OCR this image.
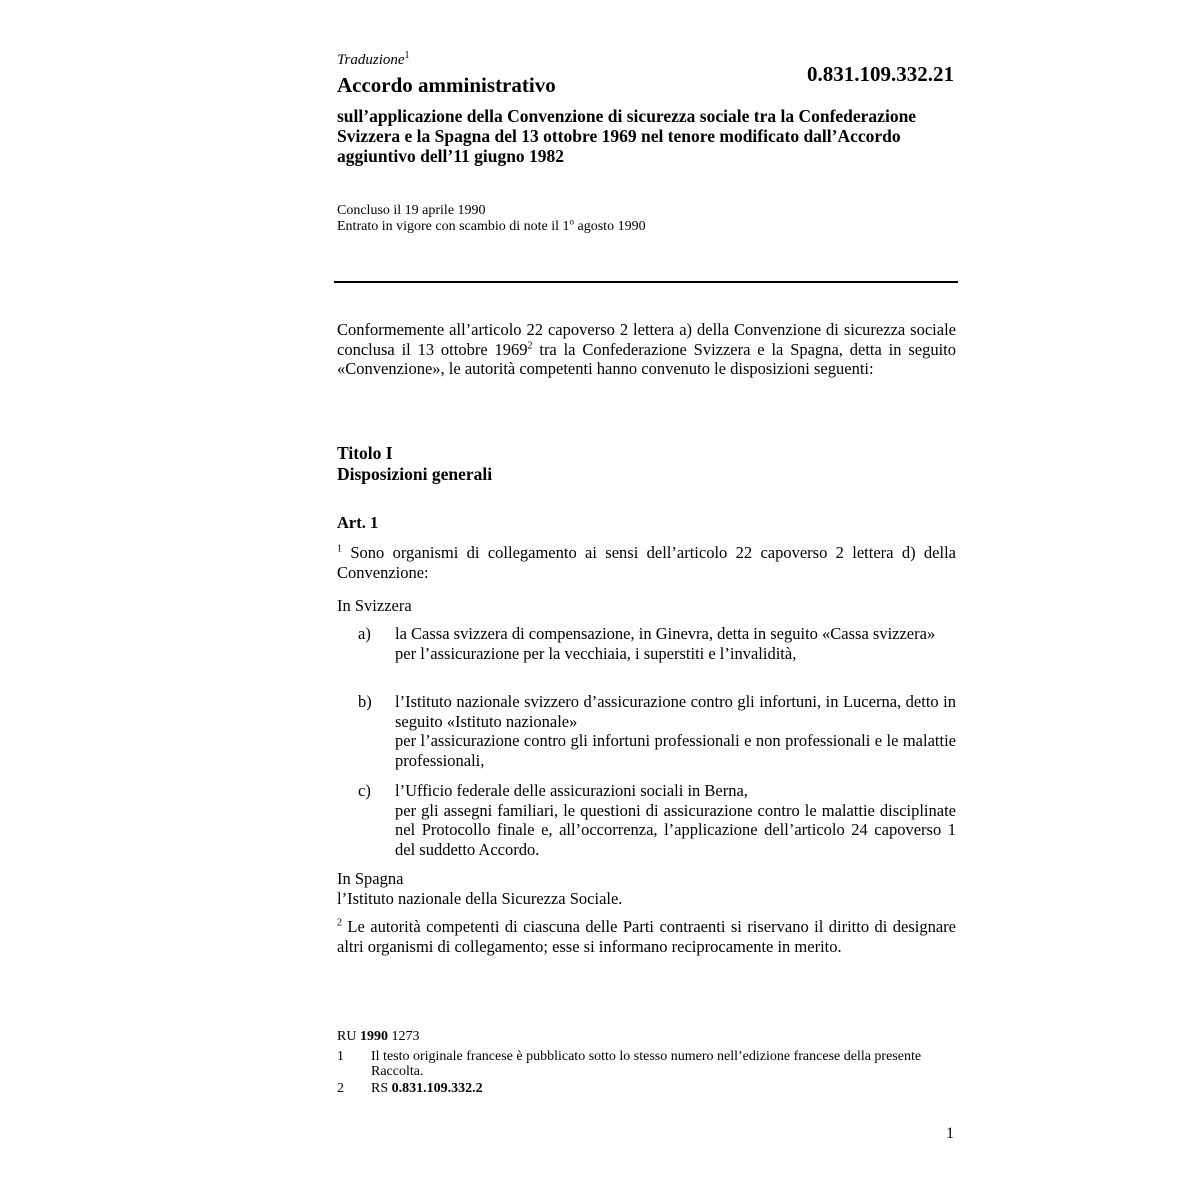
Traduzione$^1$
Accordo amministrativo	0.831.109.332.21
sull’applicazione della Convenzione di sicurezza sociale tra la Confederazione Svizzera e la Spagna del 13 ottobre 1969 nel tenore modificato dall’Accordo aggiuntivo dell’11 giugno 1982
Concluso il 19 aprile 1990
Entrato in vigore con scambio di note il 1$^o$ agosto 1990
Conformemente all’articolo 22 capoverso 2 lettera a) della Convenzione di sicurezza sociale conclusa il 13 ottobre 1969$^2$ tra la Confederazione Svizzera e la Spagna, detta in seguito «Convenzione», le autorità competenti hanno convenuto le disposizioni seguenti:
Titolo I
Disposizioni generali
Art. 1
$^1$ Sono organismi di collegamento ai sensi dell’articolo 22 capoverso 2 lettera d) della Convenzione:
In Svizzera
a) la Cassa svizzera di compensazione, in Ginevra, detta in seguito «Cassa svizzera»
per l’assicurazione per la vecchiaia, i superstiti e l’invalidità,
b) l’Istituto nazionale svizzero d’assicurazione contro gli infortuni, in Lucerna, detto in seguito «Istituto nazionale»
per l’assicurazione contro gli infortuni professionali e non professionali e le malattie professionali,
c) l’Ufficio federale delle assicurazioni sociali in Berna,
per gli assegni familiari, le questioni di assicurazione contro le malattie disciplinate nel Protocollo finale e, all’occorrenza, l’applicazione dell’articolo 24 capoverso 1 del suddetto Accordo.
In Spagna
l’Istituto nazionale della Sicurezza Sociale.
$^2$ Le autorità competenti di ciascuna delle Parti contraenti si riservano il diritto di designare altri organismi di collegamento; esse si informano reciprocamente in merito.
RU 1990 1273
1 Il testo originale francese è pubblicato sotto lo stesso numero nell’edizione francese della presente Raccolta.
2 RS 0.831.109.332.2
1
